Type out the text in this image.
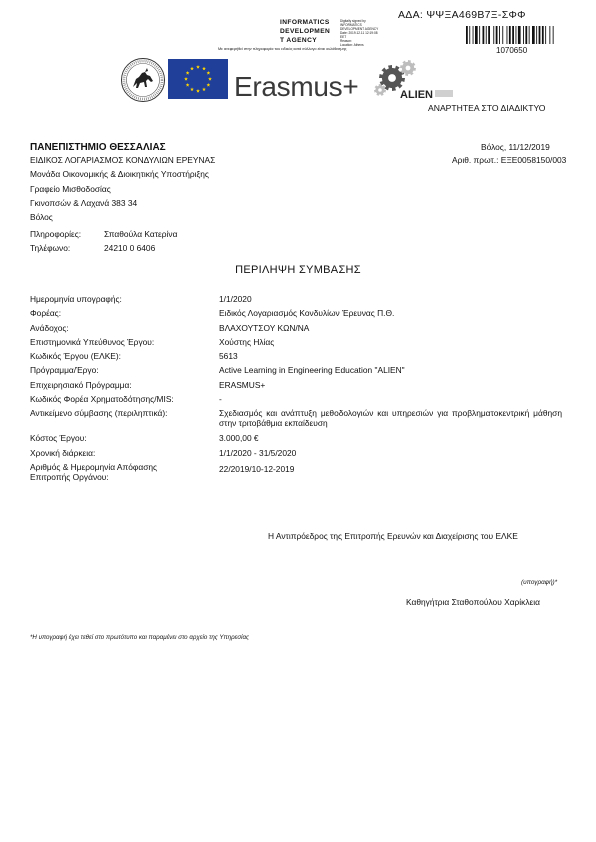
ΑΔΑ: ΨΨΞΑ469Β7Ξ-ΣΦΦ
INFORMATICS
DEVELOPMEN
T AGENCY
Digitally signed by
INFORMATICS
DEVELOPMENT AGENCY
Date: 2019.12.11 12:19:08
EET
Reason:
Location: Athens
Με ανεφερήθεί στην πληροφορία του ειδικός κατά σύλλογο είναι ουλόθεσμης	1070650
Erasmus+	ALIEN
ΑΝΑΡΤΗΤΕΑ ΣΤΟ ΔΙΑΔΙΚΤΥΟ
ΠΑΝΕΠΙΣΤΗΜΙΟ ΘΕΣΣΑΛΙΑΣ
ΕΙΔΙΚΟΣ ΛΟΓΑΡΙΑΣΜΟΣ ΚΟΝΔΥΛΙΩΝ ΕΡΕΥΝΑΣ
Μονάδα Οικονομικής & Διοικητικής Υποστήριξης
Γραφείο Μισθοδοσίας
Γκινοπσών & Λαχανά 383 34
Βόλος
Πληροφορίες:	Σπαθούλα Κατερίνα
Τηλέφωνο:	24210 0 6406
Βόλος, 11/12/2019
Αριθ. πρωτ.: ΕΞΕ0058150/003
ΠΕΡΙΛΗΨΗ ΣΥΜΒΑΣΗΣ
Ημερομηνία υπογραφής:	1/1/2020
Φορέας:	Ειδικός Λογαριασμός Κονδυλίων Έρευνας Π.Θ.
Ανάδοχος:	ΒΛΑΧΟΥΤΣΟΥ ΚΩΝ/ΝΑ
Επιστημονικά Υπεύθυνος Έργου:	Χούστης Ηλίας
Κωδικός Έργου (ΕΛΚΕ):	5613
Πρόγραμμα/Έργο:	Active Learning in Engineering Education "ALIEN"
Επιχειρησιακό Πρόγραμμα:	ERASMUS+
Κωδικός Φορέα Χρηματοδότησης/MIS:	-
Αντικείμενο σύμβασης (περιληπτικά):	Σχεδιασμός και ανάπτυξη μεθοδολογιών και υπηρεσιών για προβληματοκεντρική μάθηση στην τριτοβάθμια εκπαίδευση
Κόστος Έργου:	3.000,00 €
Χρονική διάρκεια:	1/1/2020 - 31/5/2020
Αριθμός & Ημερομηνία Απόφασης
Επιτροπής Οργάνου:
22/2019/10-12-2019
Η Αντιπρόεδρος της Επιτροπής Ερευνών και Διαχείρισης του ΕΛΚΕ
(υπογραφή)*
Καθηγήτρια Σταθοπούλου Χαρίκλεια
*Η υπογραφή έχει τεθεί στο πρωτότυπο και παραμένει στο αρχείο της Υπηρεσίας
